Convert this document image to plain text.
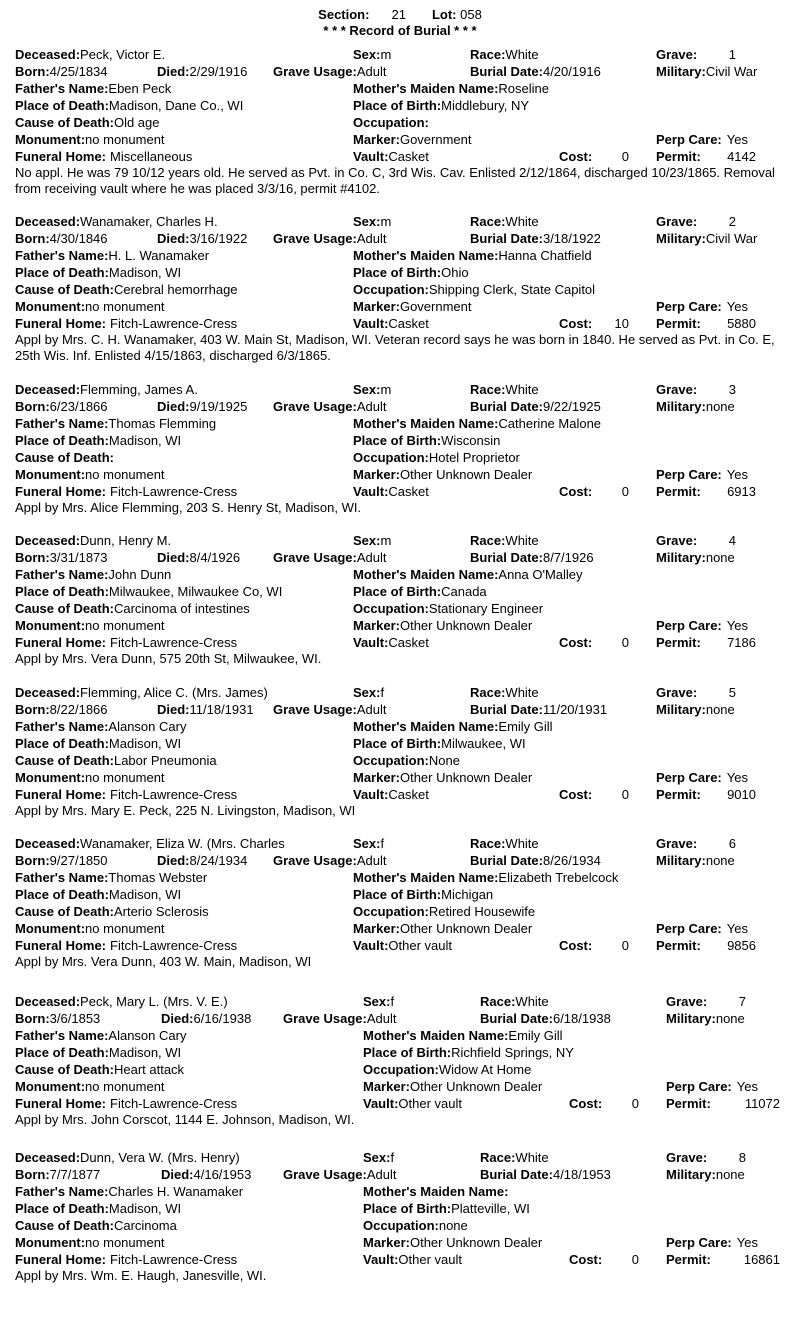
Section: 21 Lot: 058
* * * Record of Burial * * *
Deceased:Peck, Victor E.	Sex:m	Race:White	Grave: 1
Born:4/25/1834	Died:2/29/1916	Grave Usage:Adult	Burial Date:4/20/1916	Military:Civil War
Father's Name:Eben Peck	Mother's Maiden Name:Roseline
Place of Death:Madison, Dane Co., WI	Place of Birth:Middlebury, NY
Cause of Death:Old age	Occupation:
Monument:no monument	Marker:Government	Perp Care: Yes
Funeral Home: Miscellaneous	Vault:Casket	Cost: 0 Permit: 4142
No appl. He was 79 10/12 years old. He served as Pvt. in Co. C, 3rd Wis. Cav. Enlisted 2/12/1864, discharged 10/23/1865. Removal from receiving vault where he was placed 3/3/16, permit #4102.
Deceased:Wanamaker, Charles H.	Sex:m	Race:White	Grave: 2
Born:4/30/1846	Died:3/16/1922	Grave Usage:Adult	Burial Date:3/18/1922	Military:Civil War
Father's Name:H. L. Wanamaker	Mother's Maiden Name:Hanna Chatfield
Place of Death:Madison, WI	Place of Birth:Ohio
Cause of Death:Cerebral hemorrhage	Occupation:Shipping Clerk, State Capitol
Monument:no monument	Marker:Government	Perp Care: Yes
Funeral Home: Fitch-Lawrence-Cress	Vault:Casket	Cost: 10 Permit: 5880
Appl by Mrs. C. H. Wanamaker, 403 W. Main St, Madison, WI. Veteran record says he was born in 1840. He served as Pvt. in Co. E, 25th Wis. Inf. Enlisted 4/15/1863, discharged 6/3/1865.
Deceased:Flemming, James A.	Sex:m	Race:White	Grave: 3
Born:6/23/1866	Died:9/19/1925	Grave Usage:Adult	Burial Date:9/22/1925	Military:none
Father's Name:Thomas Flemming	Mother's Maiden Name:Catherine Malone
Place of Death:Madison, WI	Place of Birth:Wisconsin
Cause of Death:	Occupation:Hotel Proprietor
Monument:no monument	Marker:Other Unknown Dealer	Perp Care: Yes
Funeral Home: Fitch-Lawrence-Cress	Vault:Casket	Cost: 0 Permit: 6913
Appl by Mrs. Alice Flemming, 203 S. Henry St, Madison, WI.
Deceased:Dunn, Henry M.	Sex:m	Race:White	Grave: 4
Born:3/31/1873	Died:8/4/1926	Grave Usage:Adult	Burial Date:8/7/1926	Military:none
Father's Name:John Dunn	Mother's Maiden Name:Anna O'Malley
Place of Death:Milwaukee, Milwaukee Co, WI	Place of Birth:Canada
Cause of Death:Carcinoma of intestines	Occupation:Stationary Engineer
Monument:no monument	Marker:Other Unknown Dealer	Perp Care: Yes
Funeral Home: Fitch-Lawrence-Cress	Vault:Casket	Cost: 0 Permit: 7186
Appl by Mrs. Vera Dunn, 575 20th St, Milwaukee, WI.
Deceased:Flemming, Alice C. (Mrs. James)	Sex:f	Race:White	Grave: 5
Born:8/22/1866	Died:11/18/1931	Grave Usage:Adult	Burial Date:11/20/1931	Military:none
Father's Name:Alanson Cary	Mother's Maiden Name:Emily Gill
Place of Death:Madison, WI	Place of Birth:Milwaukee, WI
Cause of Death:Labor Pneumonia	Occupation:None
Monument:no monument	Marker:Other Unknown Dealer	Perp Care: Yes
Funeral Home: Fitch-Lawrence-Cress	Vault:Casket	Cost: 0 Permit: 9010
Appl by Mrs. Mary E. Peck, 225 N. Livingston, Madison, WI
Deceased:Wanamaker, Eliza W. (Mrs. Charles	Sex:f	Race:White	Grave: 6
Born:9/27/1850	Died:8/24/1934	Grave Usage:Adult	Burial Date:8/26/1934	Military:none
Father's Name:Thomas Webster	Mother's Maiden Name:Elizabeth Trebelcock
Place of Death:Madison, WI	Place of Birth:Michigan
Cause of Death:Arterio Sclerosis	Occupation:Retired Housewife
Monument:no monument	Marker:Other Unknown Dealer	Perp Care: Yes
Funeral Home: Fitch-Lawrence-Cress	Vault:Other vault	Cost: 0 Permit: 9856
Appl by Mrs. Vera Dunn, 403 W. Main, Madison, WI
Deceased:Peck, Mary L. (Mrs. V. E.)	Sex:f	Race:White	Grave: 7
Born:3/6/1853	Died:6/16/1938	Grave Usage:Adult	Burial Date:6/18/1938	Military:none
Father's Name:Alanson Cary	Mother's Maiden Name:Emily Gill
Place of Death:Madison, WI	Place of Birth:Richfield Springs, NY
Cause of Death:Heart attack	Occupation:Widow At Home
Monument:no monument	Marker:Other Unknown Dealer	Perp Care: Yes
Funeral Home: Fitch-Lawrence-Cress	Vault:Other vault	Cost: 0 Permit:	11072
Appl by Mrs. John Corscot, 1144 E. Johnson, Madison, WI.
Deceased:Dunn, Vera W. (Mrs. Henry)	Sex:f	Race:White	Grave: 8
Born:7/7/1877	Died:4/16/1953	Grave Usage:Adult	Burial Date:4/18/1953	Military:none
Father's Name:Charles H. Wanamaker	Mother's Maiden Name:
Place of Death:Madison, WI	Place of Birth:Platteville, WI
Cause of Death:Carcinoma	Occupation:none
Monument:no monument	Marker:Other Unknown Dealer	Perp Care: Yes
Funeral Home: Fitch-Lawrence-Cress	Vault:Other vault	Cost: 0 Permit:	16861
Appl by Mrs. Wm. E. Haugh, Janesville, WI.
